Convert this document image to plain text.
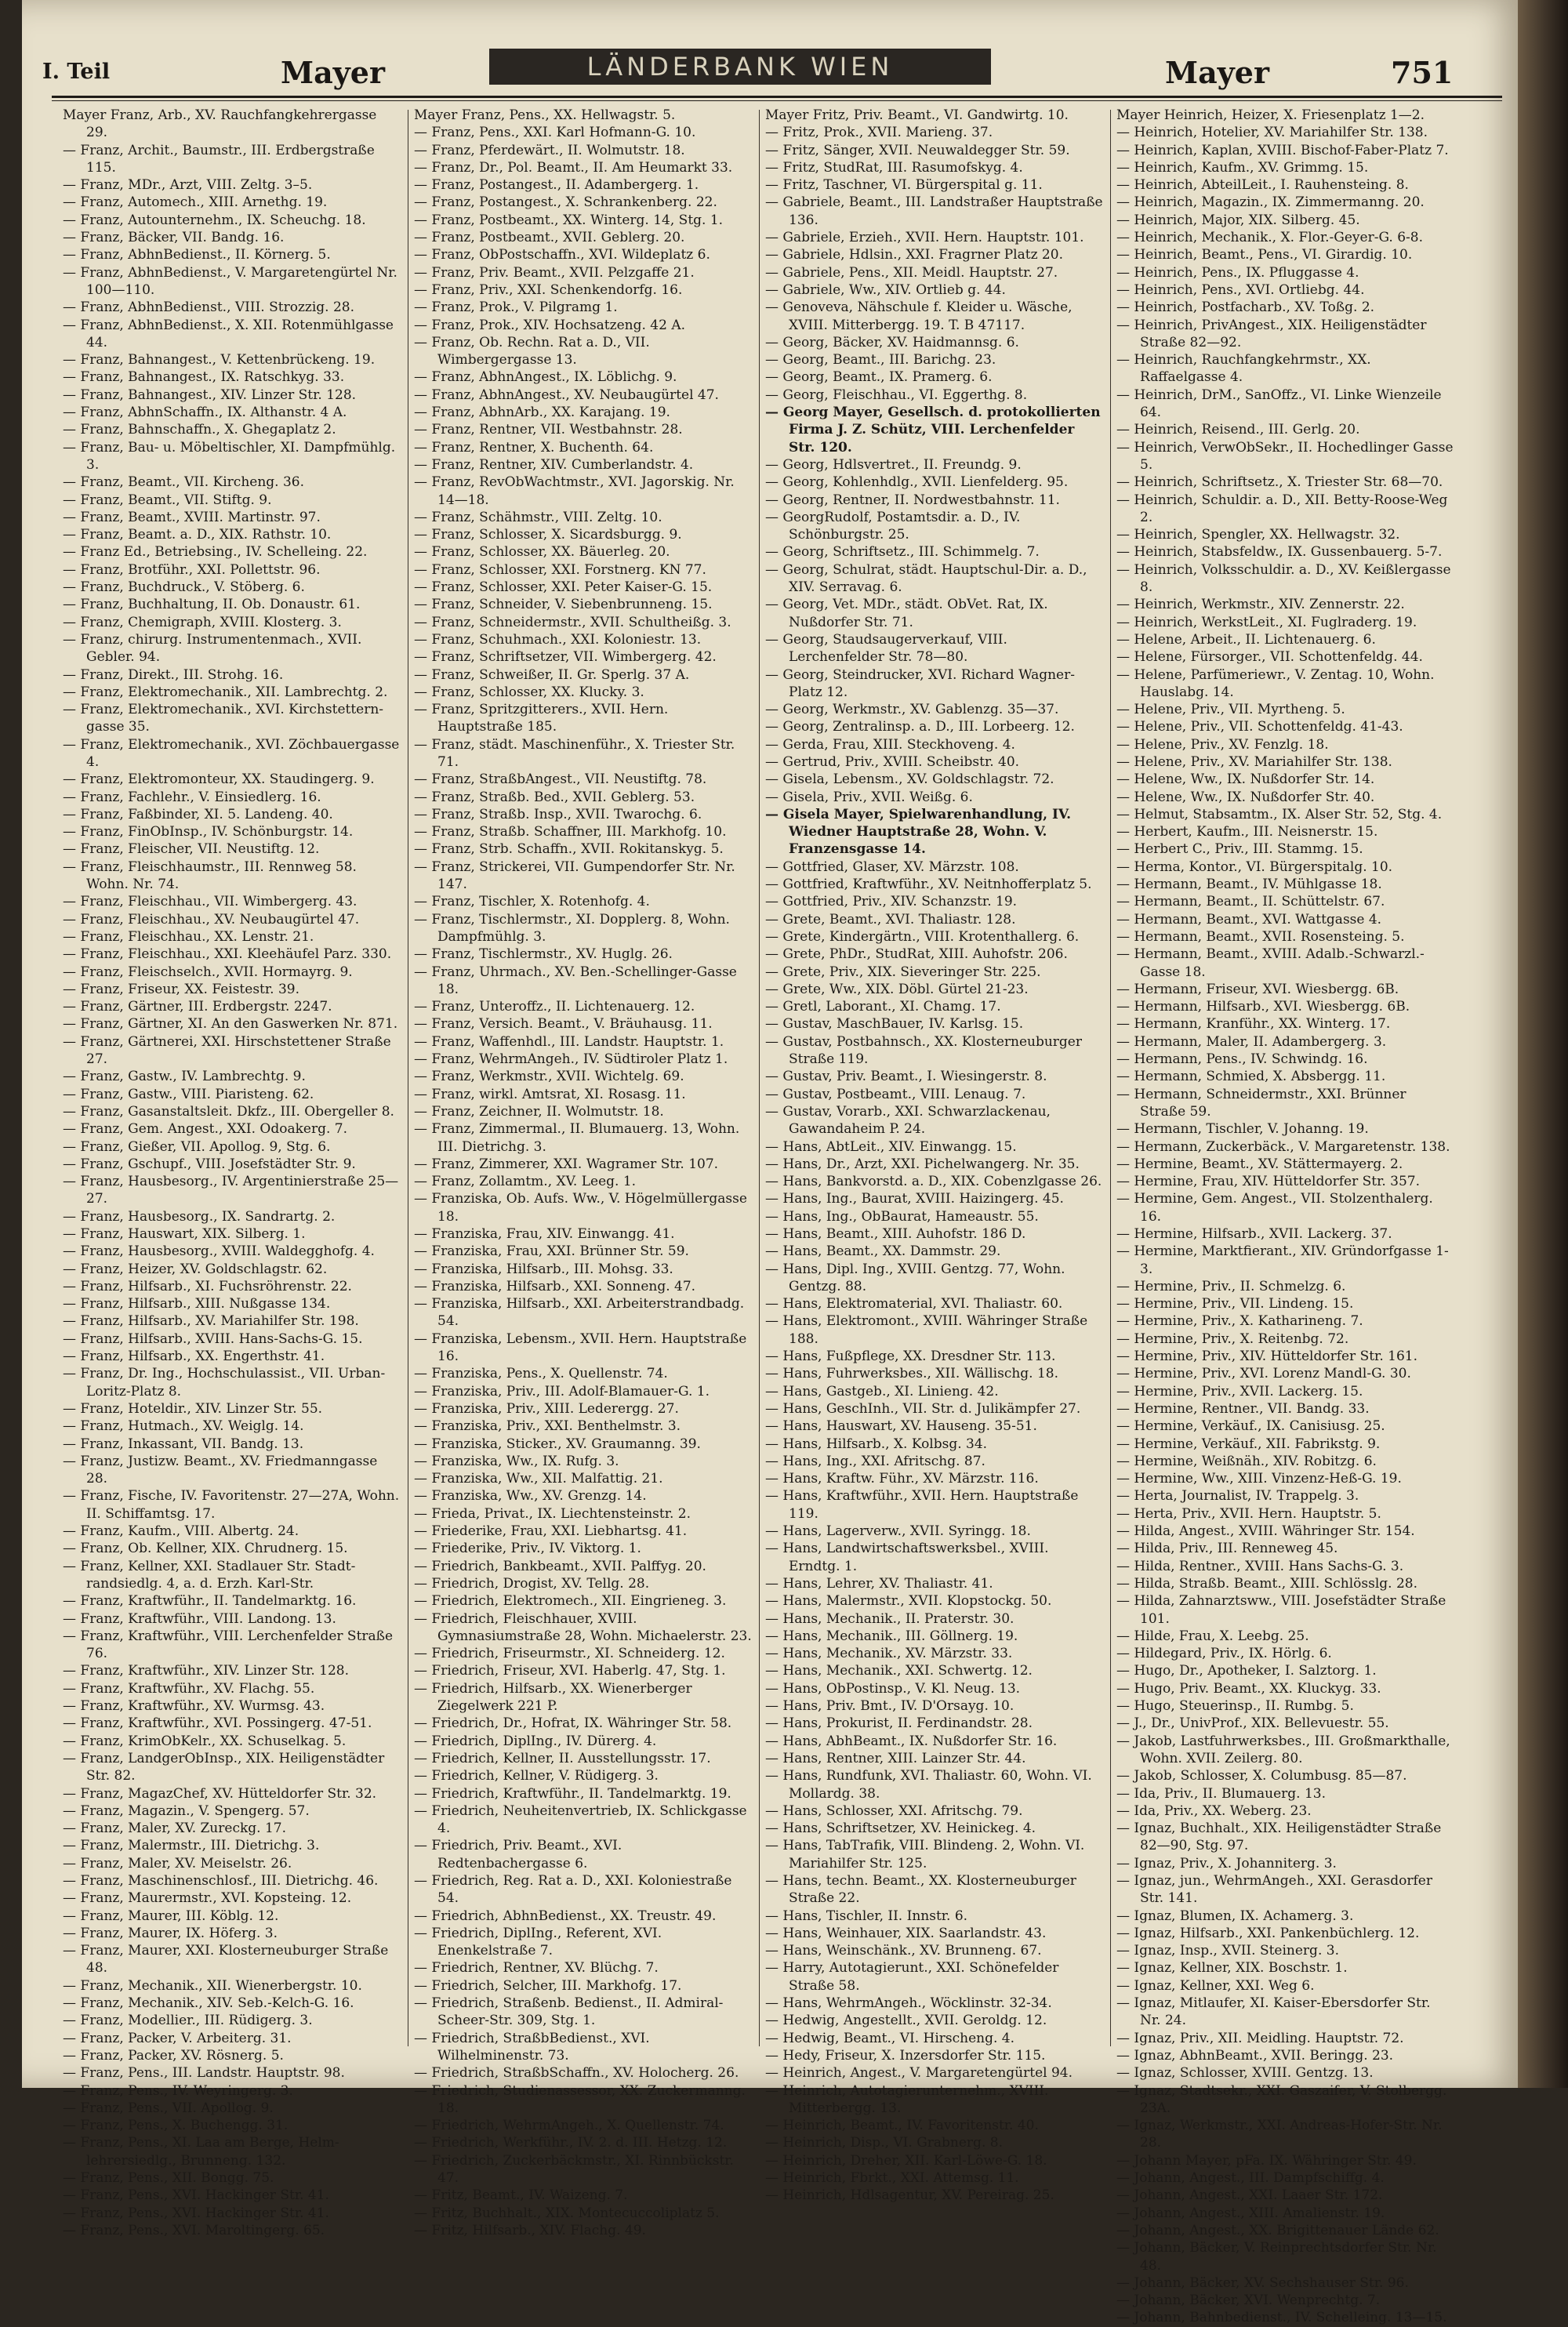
I. Teil	Mayer	LÄNDERBANK WIEN	Mayer	751

Mayer Franz, Arb., XV. Rauchfangkehrergasse 29.

— Franz, Archit., Baumstr., III. Erdbergstraße 115.

— Franz, MDr., Arzt, VIII. Zeltg. 3–5.

— Franz, Automech., XIII. Arnethg. 19.

— Franz, Autounternehm., IX. Scheuchg. 18.

— Franz, Bäcker, VII. Bandg. 16.

— Franz, AbhnBedienst., II. Körnerg. 5.

— Franz, AbhnBedienst., V. Margaretengürtel Nr. 100—110.

— Franz, AbhnBedienst., VIII. Strozzig. 28.

— Franz, AbhnBedienst., X. XII. Rotenmühlgasse 44.

— Franz, Bahnangest., V. Kettenbrückeng. 19.

— Franz, Bahnangest., IX. Ratschkyg. 33.

— Franz, Bahnangest., XIV. Linzer Str. 128.

— Franz, AbhnSchaffn., IX. Althanstr. 4 A.

— Franz, Bahnschaffn., X. Ghegaplatz 2.

— Franz, Bau- u. Möbeltischler, XI. Dampfmühlg. 3.

— Franz, Beamt., VII. Kircheng. 36.

— Franz, Beamt., VII. Stiftg. 9.

— Franz, Beamt., XVIII. Martinstr. 97.

— Franz, Beamt. a. D., XIX. Rathstr. 10.

— Franz Ed., Betriebsing., IV. Schelleing. 22.

— Franz, Brotführ., XXI. Pollettstr. 96.

— Franz, Buchdruck., V. Stöberg. 6.

— Franz, Buchhaltung, II. Ob. Donaustr. 61.

— Franz, Chemigraph, XVIII. Klosterg. 3.

— Franz, chirurg. Instrumentenmach., XVII. Gebler. 94.

— Franz, Direkt., III. Strohg. 16.

— Franz, Elektromechanik., XII. Lambrechtg. 2.

— Franz, Elektromechanik., XVI. Kirchstettern-gasse 35.

— Franz, Elektromechanik., XVI. Zöchbauergasse 4.

— Franz, Elektromonteur, XX. Staudingerg. 9.

— Franz, Fachlehr., V. Einsiedlerg. 16.

— Franz, Faßbinder, XI. 5. Landeng. 40.

— Franz, FinObInsp., IV. Schönburgstr. 14.

— Franz, Fleischer, VII. Neustiftg. 12.

— Franz, Fleischhaumstr., III. Rennweg 58. Wohn. Nr. 74.

— Franz, Fleischhau., VII. Wimbergerg. 43.

— Franz, Fleischhau., XV. Neubaugürtel 47.

— Franz, Fleischhau., XX. Lenstr. 21.

— Franz, Fleischhau., XXI. Kleehäufel Parz. 330.

— Franz, Fleischselch., XVII. Hormayrg. 9.

— Franz, Friseur, XX. Feistestr. 39.

— Franz, Gärtner, III. Erdbergstr. 2247.

— Franz, Gärtner, XI. An den Gaswerken Nr. 871.

— Franz, Gärtnerei, XXI. Hirschstettener Straße 27.

— Franz, Gastw., IV. Lambrechtg. 9.

— Franz, Gastw., VIII. Piaristeng. 62.

— Franz, Gasanstaltsleit. Dkfz., III. Obergeller 8.

— Franz, Gem. Angest., XXI. Odoakerg. 7.

— Franz, Gießer, VII. Apollog. 9, Stg. 6.

— Franz, Gschupf., VIII. Josefstädter Str. 9.

— Franz, Hausbesorg., IV. Argentinierstraße 25—27.

— Franz, Hausbesorg., IX. Sandrartg. 2.

— Franz, Hauswart, XIX. Silberg. 1.

— Franz, Hausbesorg., XVIII. Waldegghofg. 4.

— Franz, Heizer, XV. Goldschlagstr. 62.

— Franz, Hilfsarb., XI. Fuchsröhrenstr. 22.

— Franz, Hilfsarb., XIII. Nußgasse 134.

— Franz, Hilfsarb., XV. Mariahilfer Str. 198.

— Franz, Hilfsarb., XVIII. Hans-Sachs-G. 15.

— Franz, Hilfsarb., XX. Engerthstr. 41.

— Franz, Dr. Ing., Hochschulassist., VII. Urban-Loritz-Platz 8.

— Franz, Hoteldir., XIV. Linzer Str. 55.

— Franz, Hutmach., XV. Weiglg. 14.

— Franz, Inkassant, VII. Bandg. 13.

— Franz, Justizw. Beamt., XV. Friedmanngasse 28.

— Franz, Fische, IV. Favoritenstr. 27—27A, Wohn. II. Schiffamtsg. 17.

— Franz, Kaufm., VIII. Albertg. 24.

— Franz, Ob. Kellner, XIX. Chrudnerg. 15.

— Franz, Kellner, XXI. Stadlauer Str. Stadt-randsiedlg. 4, a. d. Erzh. Karl-Str.

— Franz, Kraftwführ., II. Tandelmarktg. 16.

— Franz, Kraftwführ., VIII. Landong. 13.

— Franz, Kraftwführ., VIII. Lerchenfelder Straße 76.

— Franz, Kraftwführ., XIV. Linzer Str. 128.

— Franz, Kraftwführ., XV. Flachg. 55.

— Franz, Kraftwführ., XV. Wurmsg. 43.

— Franz, Kraftwführ., XVI. Possingerg. 47-51.

— Franz, KrimObKelr., XX. Schuselkag. 5.

— Franz, LandgerObInsp., XIX. Heiligenstädter Str. 82.

— Franz, MagazChef, XV. Hütteldorfer Str. 32.

— Franz, Magazin., V. Spengerg. 57.

— Franz, Maler, XV. Zureckg. 17.

— Franz, Malermstr., III. Dietrichg. 3.

— Franz, Maler, XV. Meiselstr. 26.

— Franz, Maschinenschlosf., III. Dietrichg. 46.

— Franz, Maurermstr., XVI. Kopsteing. 12.

— Franz, Maurer, III. Köblg. 12.

— Franz, Maurer, IX. Höferg. 3.

— Franz, Maurer, XXI. Klosterneuburger Straße 48.

— Franz, Mechanik., XII. Wienerbergstr. 10.

— Franz, Mechanik., XIV. Seb.-Kelch-G. 16.

— Franz, Modellier., III. Rüdigerg. 3.

— Franz, Packer, V. Arbeiterg. 31.

— Franz, Packer, XV. Rösnerg. 5.

— Franz, Pens., III. Landstr. Hauptstr. 98.

— Franz, Pens., IV. Weyringerg. 3.

— Franz, Pens., VII. Apollog. 9.

— Franz, Pens., X. Buchengg. 31.

— Franz, Pens., XI. Laa am Berge, Helm-lehrersiedlg., Brunneng. 132.

— Franz, Pens., XII. Bongg. 75.

— Franz, Pens., XVI. Hackinger Str. 41.

— Franz, Pens., XVI. Hackinger Str. 41.

— Franz, Pens., XVI. Maroltingerg. 65.

Mayer Franz, Pens., XX. Hellwagstr. 5.

— Franz, Pens., XXI. Karl Hofmann-G. 10.

— Franz, Pferdewärt., II. Wolmutstr. 18.

— Franz, Dr., Pol. Beamt., II. Am Heumarkt 33.

— Franz, Postangest., II. Adambergerg. 1.

— Franz, Postangest., X. Schrankenberg. 22.

— Franz, Postbeamt., XX. Winterg. 14, Stg. 1.

— Franz, Postbeamt., XVII. Geblerg. 20.

— Franz, ObPostschaffn., XVI. Wildeplatz 6.

— Franz, Priv. Beamt., XVII. Pelzgaffe 21.

— Franz, Priv., XXI. Schenkendorfg. 16.

— Franz, Prok., V. Pilgramg 1.

— Franz, Prok., XIV. Hochsatzeng. 42 A.

— Franz, Ob. Rechn. Rat a. D., VII. Wimbergergasse 13.

— Franz, AbhnAngest., IX. Löblichg. 9.

— Franz, AbhnAngest., XV. Neubaugürtel 47.

— Franz, AbhnArb., XX. Karajang. 19.

— Franz, Rentner, VII. Westbahnstr. 28.

— Franz, Rentner, X. Buchenth. 64.

— Franz, Rentner, XIV. Cumberlandstr. 4.

— Franz, RevObWachtmstr., XVI. Jagorskig. Nr. 14—18.

— Franz, Schähmstr., VIII. Zeltg. 10.

— Franz, Schlosser, X. Sicardsburgg. 9.

— Franz, Schlosser, XX. Bäuerleg. 20.

— Franz, Schlosser, XXI. Forstnerg. KN 77.

— Franz, Schlosser, XXI. Peter Kaiser-G. 15.

— Franz, Schneider, V. Siebenbrunneng. 15.

— Franz, Schneidermstr., XVII. Schultheißg. 3.

— Franz, Schuhmach., XXI. Koloniestr. 13.

— Franz, Schriftsetzer, VII. Wimbergerg. 42.

— Franz, Schweißer, II. Gr. Sperlg. 37 A.

— Franz, Schlosser, XX. Klucky. 3.

— Franz, Spritzgitterers., XVII. Hern. Hauptstraße 185.

— Franz, städt. Maschinenführ., X. Triester Str. 71.

— Franz, StraßbAngest., VII. Neustiftg. 78.

— Franz, Straßb. Bed., XVII. Geblerg. 53.

— Franz, Straßb. Insp., XVII. Twarochg. 6.

— Franz, Straßb. Schaffner, III. Markhofg. 10.

— Franz, Strb. Schaffn., XVII. Rokitanskyg. 5.

— Franz, Strickerei, VII. Gumpendorfer Str. Nr. 147.

— Franz, Tischler, X. Rotenhofg. 4.

— Franz, Tischlermstr., XI. Dopplerg. 8, Wohn. Dampfmühlg. 3.

— Franz, Tischlermstr., XV. Huglg. 26.

— Franz, Uhrmach., XV. Ben.-Schellinger-Gasse 18.

— Franz, Unteroffz., II. Lichtenauerg. 12.

— Franz, Versich. Beamt., V. Bräuhausg. 11.

— Franz, Waffenhdl., III. Landstr. Hauptstr. 1.

— Franz, WehrmAngeh., IV. Südtiroler Platz 1.

— Franz, Werkmstr., XVII. Wichtelg. 69.

— Franz, wirkl. Amtsrat, XI. Rosasg. 11.

— Franz, Zeichner, II. Wolmutstr. 18.

— Franz, Zimmermal., II. Blumauerg. 13, Wohn. III. Dietrichg. 3.

— Franz, Zimmerer, XXI. Wagramer Str. 107.

— Franz, Zollamtm., XV. Leeg. 1.

— Franziska, Ob. Aufs. Ww., V. Högelmüllergasse 18.

— Franziska, Frau, XIV. Einwangg. 41.

— Franziska, Frau, XXI. Brünner Str. 59.

— Franziska, Hilfsarb., III. Mohsg. 33.

— Franziska, Hilfsarb., XXI. Sonneng. 47.

— Franziska, Hilfsarb., XXI. Arbeiterstrandbadg. 54.

— Franziska, Lebensm., XVII. Hern. Hauptstraße 16.

— Franziska, Pens., X. Quellenstr. 74.

— Franziska, Priv., III. Adolf-Blamauer-G. 1.

— Franziska, Priv., XIII. Lederergg. 27.

— Franziska, Priv., XXI. Benthelmstr. 3.

— Franziska, Sticker., XV. Graumanng. 39.

— Franziska, Ww., IX. Rufg. 3.

— Franziska, Ww., XII. Malfattig. 21.

— Franziska, Ww., XV. Grenzg. 14.

— Frieda, Privat., IX. Liechtensteinstr. 2.

— Friederike, Frau, XXI. Liebhartsg. 41.

— Friederike, Priv., IV. Viktorg. 1.

— Friedrich, Bankbeamt., XVII. Palffyg. 20.

— Friedrich, Drogist, XV. Tellg. 28.

— Friedrich, Elektromech., XII. Eingrieneg. 3.

— Friedrich, Fleischhauer, XVIII. Gymnasiumstraße 28, Wohn. Michaelerstr. 23.

— Friedrich, Friseurmstr., XI. Schneiderg. 12.

— Friedrich, Friseur, XVI. Haberlg. 47, Stg. 1.

— Friedrich, Hilfsarb., XX. Wienerberger Ziegelwerk 221 P.

— Friedrich, Dr., Hofrat, IX. Währinger Str. 58.

— Friedrich, DiplIng., IV. Dürerg. 4.

— Friedrich, Kellner, II. Ausstellungsstr. 17.

— Friedrich, Kellner, V. Rüdigerg. 3.

— Friedrich, Kraftwführ., II. Tandelmarktg. 19.

— Friedrich, Neuheitenvertrieb, IX. Schlickgasse 4.

— Friedrich, Priv. Beamt., XVI. Redtenbachergasse 6.

— Friedrich, Reg. Rat a. D., XXI. Koloniestraße 54.

— Friedrich, AbhnBedienst., XX. Treustr. 49.

— Friedrich, DiplIng., Referent, XVI. Enenkelstraße 7.

— Friedrich, Rentner, XV. Blüchg. 7.

— Friedrich, Selcher, III. Markhofg. 17.

— Friedrich, Straßenb. Bedienst., II. Admiral-Scheer-Str. 309, Stg. 1.

— Friedrich, StraßbBedienst., XVI. Wilhelminenstr. 73.

— Friedrich, StraßbSchaffn., XV. Holocherg. 26.

— Friedrich, Studienassessor, XX. Zuckermanng. 18.

— Friedrich, WehrmAngeh., X. Quellenstr. 74.

— Friedrich, Werkführ., IV. 2. d. III. Hetzg. 12.

— Friedrich, Zuckerbäckmstr., XI. Rinnbückstr. 47.

— Fritz, Beamt., IV. Waizeng. 7.

— Fritz, Buchhalt., XIX. Montecuccoliplatz 5.

— Fritz, Hilfsarb., XIV. Flachg. 49.

Mayer Fritz, Priv. Beamt., VI. Gandwirtg. 10.

— Fritz, Prok., XVII. Marieng. 37.

— Fritz, Sänger, XVII. Neuwaldegger Str. 59.

— Fritz, StudRat, III. Rasumofskyg. 4.

— Fritz, Taschner, VI. Bürgerspital g. 11.

— Gabriele, Beamt., III. Landstraßer Hauptstraße 136.

— Gabriele, Erzieh., XVII. Hern. Hauptstr. 101.

— Gabriele, Hdlsin., XXI. Fragrner Platz 20.

— Gabriele, Pens., XII. Meidl. Hauptstr. 27.

— Gabriele, Ww., XIV. Ortlieb g. 44.

— Genoveva, Nähschule f. Kleider u. Wäsche, XVIII. Mitterbergg. 19. T. B 47117.

— Georg, Bäcker, XV. Haidmannsg. 6.

— Georg, Beamt., III. Barichg. 23.

— Georg, Beamt., IX. Pramerg. 6.

— Georg, Fleischhau., VI. Eggerthg. 8.

— Georg Mayer, Gesellsch. d. protokollierten Firma J. Z. Schütz, VIII. Lerchenfelder Str. 120.

— Georg, Hdlsvertret., II. Freundg. 9.

— Georg, Kohlenhdlg., XVII. Lienfelderg. 95.

— Georg, Rentner, II. Nordwestbahnstr. 11.

— GeorgRudolf, Postamtsdir. a. D., IV. Schönburgstr. 25.

— Georg, Schriftsetz., III. Schimmelg. 7.

— Georg, Schulrat, städt. Hauptschul-Dir. a. D., XIV. Serravag. 6.

— Georg, Vet. MDr., städt. ObVet. Rat, IX. Nußdorfer Str. 71.

— Georg, Staudsaugerverkauf, VIII. Lerchenfelder Str. 78—80.

— Georg, Steindrucker, XVI. Richard Wagner-Platz 12.

— Georg, Werkmstr., XV. Gablenzg. 35—37.

— Georg, Zentralinsp. a. D., III. Lorbeerg. 12.

— Gerda, Frau, XIII. Steckhoveng. 4.

— Gertrud, Priv., XVIII. Scheibstr. 40.

— Gisela, Lebensm., XV. Goldschlagstr. 72.

— Gisela, Priv., XVII. Weißg. 6.

— Gisela Mayer, Spielwarenhandlung, IV. Wiedner Hauptstraße 28, Wohn. V. Franzensgasse 14.

— Gottfried, Glaser, XV. Märzstr. 108.

— Gottfried, Kraftwführ., XV. Neitnhofferplatz 5.

— Gottfried, Priv., XIV. Schanzstr. 19.

— Grete, Beamt., XVI. Thaliastr. 128.

— Grete, Kindergärtn., VIII. Krotenthallerg. 6.

— Grete, PhDr., StudRat, XIII. Auhofstr. 206.

— Grete, Priv., XIX. Sieveringer Str. 225.

— Grete, Ww., XIX. Döbl. Gürtel 21-23.

— Gretl, Laborant., XI. Chamg. 17.

— Gustav, MaschBauer, IV. Karlsg. 15.

— Gustav, Postbahnsch., XX. Klosterneuburger Straße 119.

— Gustav, Priv. Beamt., I. Wiesingerstr. 8.

— Gustav, Postbeamt., VIII. Lenaug. 7.

— Gustav, Vorarb., XXI. Schwarzlackenau, Gawandaheim P. 24.

— Hans, AbtLeit., XIV. Einwangg. 15.

— Hans, Dr., Arzt, XXI. Pichelwangerg. Nr. 35.

— Hans, Bankvorstd. a. D., XIX. Cobenzlgasse 26.

— Hans, Ing., Baurat, XVIII. Haizingerg. 45.

— Hans, Ing., ObBaurat, Hameaustr. 55.

— Hans, Beamt., XIII. Auhofstr. 186 D.

— Hans, Beamt., XX. Dammstr. 29.

— Hans, Dipl. Ing., XVIII. Gentzg. 77, Wohn. Gentzg. 88.

— Hans, Elektromaterial, XVI. Thaliastr. 60.

— Hans, Elektromont., XVIII. Währinger Straße 188.

— Hans, Fußpflege, XX. Dresdner Str. 113.

— Hans, Fuhrwerksbes., XII. Wällischg. 18.

— Hans, Gastgeb., XI. Linieng. 42.

— Hans, GeschInh., VII. Str. d. Julikämpfer 27.

— Hans, Hauswart, XV. Hauseng. 35-51.

— Hans, Hilfsarb., X. Kolbsg. 34.

— Hans, Ing., XXI. Afritschg. 87.

— Hans, Kraftw. Führ., XV. Märzstr. 116.

— Hans, Kraftwführ., XVII. Hern. Hauptstraße 119.

— Hans, Lagerverw., XVII. Syringg. 18.

— Hans, Landwirtschaftswerksbel., XVIII. Erndtg. 1.

— Hans, Lehrer, XV. Thaliastr. 41.

— Hans, Malermstr., XVII. Klopstockg. 50.

— Hans, Mechanik., II. Praterstr. 30.

— Hans, Mechanik., III. Göllnerg. 19.

— Hans, Mechanik., XV. Märzstr. 33.

— Hans, Mechanik., XXI. Schwertg. 12.

— Hans, ObPostinsp., V. Kl. Neug. 13.

— Hans, Priv. Bmt., IV. D'Orsayg. 10.

— Hans, Prokurist, II. Ferdinandstr. 28.

— Hans, AbhBeamt., IX. Nußdorfer Str. 16.

— Hans, Rentner, XIII. Lainzer Str. 44.

— Hans, Rundfunk, XVI. Thaliastr. 60, Wohn. VI. Mollardg. 38.

— Hans, Schlosser, XXI. Afritschg. 79.

— Hans, Schriftsetzer, XV. Heinickeg. 4.

— Hans, TabTrafik, VIII. Blindeng. 2, Wohn. VI. Mariahilfer Str. 125.

— Hans, techn. Beamt., XX. Klosterneuburger Straße 22.

— Hans, Tischler, II. Innstr. 6.

— Hans, Weinhauer, XIX. Saarlandstr. 43.

— Hans, Weinschänk., XV. Brunneng. 67.

— Harry, Autotagierunt., XXI. Schönefelder Straße 58.

— Hans, WehrmAngeh., Wöcklinstr. 32-34.

— Hedwig, Angestellt., XVII. Geroldg. 12.

— Hedwig, Beamt., VI. Hirscheng. 4.

— Hedy, Friseur, X. Inzersdorfer Str. 115.

— Heinrich, Angest., V. Margaretengürtel 94.

— Heinrich, Autotagierunternehm., XVIII. Mitterbergg. 13.

— Heinrich, Beamt., IV. Favoritenstr. 40.

— Heinrich, Disp., VI. Grabnerg. 8.

— Heinrich, Dreher, XII. Karl-Löwe-G. 18.

— Heinrich, Fbrkt., XXI. Attemsg. 11.

— Heinrich, Hdlsagentur, XV. Pereirag. 25.

Mayer Heinrich, Heizer, X. Friesenplatz 1—2.

— Heinrich, Hotelier, XV. Mariahilfer Str. 138.

— Heinrich, Kaplan, XVIII. Bischof-Faber-Platz 7.

— Heinrich, Kaufm., XV. Grimmg. 15.

— Heinrich, AbteilLeit., I. Rauhensteing. 8.

— Heinrich, Magazin., IX. Zimmermanng. 20.

— Heinrich, Major, XIX. Silberg. 45.

— Heinrich, Mechanik., X. Flor.-Geyer-G. 6-8.

— Heinrich, Beamt., Pens., VI. Girardig. 10.

— Heinrich, Pens., IX. Pfluggasse 4.

— Heinrich, Pens., XVI. Ortliebg. 44.

— Heinrich, Postfacharb., XV. Toßg. 2.

— Heinrich, PrivAngest., XIX. Heiligenstädter Straße 82—92.

— Heinrich, Rauchfangkehrmstr., XX. Raffaelgasse 4.

— Heinrich, DrM., SanOffz., VI. Linke Wienzeile 64.

— Heinrich, Reisend., III. Gerlg. 20.

— Heinrich, VerwObSekr., II. Hochedlinger Gasse 5.

— Heinrich, Schriftsetz., X. Triester Str. 68—70.

— Heinrich, Schuldir. a. D., XII. Betty-Roose-Weg 2.

— Heinrich, Spengler, XX. Hellwagstr. 32.

— Heinrich, Stabsfeldw., IX. Gussenbauerg. 5-7.

— Heinrich, Volksschuldir. a. D., XV. Keißlergasse 8.

— Heinrich, Werkmstr., XIV. Zennerstr. 22.

— Heinrich, WerkstLeit., XI. Fuglraderg. 19.

— Helene, Arbeit., II. Lichtenauerg. 6.

— Helene, Fürsorger., VII. Schottenfeldg. 44.

— Helene, Parfümeriewr., V. Zentag. 10, Wohn. Hauslabg. 14.

— Helene, Priv., VII. Myrtheng. 5.

— Helene, Priv., VII. Schottenfeldg. 41-43.

— Helene, Priv., XV. Fenzlg. 18.

— Helene, Priv., XV. Mariahilfer Str. 138.

— Helene, Ww., IX. Nußdorfer Str. 14.

— Helene, Ww., IX. Nußdorfer Str. 40.

— Helmut, Stabsamtm., IX. Alser Str. 52, Stg. 4.

— Herbert, Kaufm., III. Neisnerstr. 15.

— Herbert C., Priv., III. Stammg. 15.

— Herma, Kontor., VI. Bürgerspitalg. 10.

— Hermann, Beamt., IV. Mühlgasse 18.

— Hermann, Beamt., II. Schüttelstr. 67.

— Hermann, Beamt., XVI. Wattgasse 4.

— Hermann, Beamt., XVII. Rosensteing. 5.

— Hermann, Beamt., XVIII. Adalb.-Schwarzl.-Gasse 18.

— Hermann, Friseur, XVI. Wiesbergg. 6B.

— Hermann, Hilfsarb., XVI. Wiesbergg. 6B.

— Hermann, Kranführ., XX. Winterg. 17.

— Hermann, Maler, II. Adambergerg. 3.

— Hermann, Pens., IV. Schwindg. 16.

— Hermann, Schmied, X. Absbergg. 11.

— Hermann, Schneidermstr., XXI. Brünner Straße 59.

— Hermann, Tischler, V. Johanng. 19.

— Hermann, Zuckerbäck., V. Margaretenstr. 138.

— Hermine, Beamt., XV. Stättermayerg. 2.

— Hermine, Frau, XIV. Hütteldorfer Str. 357.

— Hermine, Gem. Angest., VII. Stolzenthalerg. 16.

— Hermine, Hilfsarb., XVII. Lackerg. 37.

— Hermine, Marktfierant., XIV. Gründorfgasse 1-3.

— Hermine, Priv., II. Schmelzg. 6.

— Hermine, Priv., VII. Lindeng. 15.

— Hermine, Priv., X. Katharineng. 7.

— Hermine, Priv., X. Reitenbg. 72.

— Hermine, Priv., XIV. Hütteldorfer Str. 161.

— Hermine, Priv., XVI. Lorenz Mandl-G. 30.

— Hermine, Priv., XVII. Lackerg. 15.

— Hermine, Rentner., VII. Bandg. 33.

— Hermine, Verkäuf., IX. Canisiusg. 25.

— Hermine, Verkäuf., XII. Fabrikstg. 9.

— Hermine, Weißnäh., XIV. Robitzg. 6.

— Hermine, Ww., XIII. Vinzenz-Heß-G. 19.

— Herta, Journalist, IV. Trappelg. 3.

— Herta, Priv., XVII. Hern. Hauptstr. 5.

— Hilda, Angest., XVIII. Währinger Str. 154.

— Hilda, Priv., III. Renneweg 45.

— Hilda, Rentner., XVIII. Hans Sachs-G. 3.

— Hilda, Straßb. Beamt., XIII. Schlösslg. 28.

— Hilda, Zahnarztsww., VIII. Josefstädter Straße 101.

— Hilde, Frau, X. Leebg. 25.

— Hildegard, Priv., IX. Hörlg. 6.

— Hugo, Dr., Apotheker, I. Salztorg. 1.

— Hugo, Priv. Beamt., XX. Kluckyg. 33.

— Hugo, Steuerinsp., II. Rumbg. 5.

— J., Dr., UnivProf., XIX. Bellevuestr. 55.

— Jakob, Lastfuhrwerksbes., III. Großmarkthalle, Wohn. XVII. Zeilerg. 80.

— Jakob, Schlosser, X. Columbusg. 85—87.

— Ida, Priv., II. Blumauerg. 13.

— Ida, Priv., XX. Weberg. 23.

— Ignaz, Buchhalt., XIX. Heiligenstädter Straße 82—90, Stg. 97.

— Ignaz, Priv., X. Johanniterg. 3.

— Ignaz, jun., WehrmAngeh., XXI. Gerasdorfer Str. 141.

— Ignaz, Blumen, IX. Achamerg. 3.

— Ignaz, Hilfsarb., XXI. Pankenbüchlerg. 12.

— Ignaz, Insp., XVII. Steinerg. 3.

— Ignaz, Kellner, XIX. Boschstr. 1.

— Ignaz, Kellner, XXI. Weg 6.

— Ignaz, Mitlaufer, XI. Kaiser-Ebersdorfer Str. Nr. 24.

— Ignaz, Priv., XII. Meidling. Hauptstr. 72.

— Ignaz, AbhnBeamt., XVII. Beringg. 23.

— Ignaz, Schlosser, XVIII. Gentzg. 13.

— Ignaz, Stadtsekr., XXI. Gaszaifer, V. Stolbergg. 23A.

— Ignaz, Werkmstr., XXI. Andreas-Hofer-Str. Nr. 28.

— Johann Mayer, pFa. IX. Währinger Str. 49.

— Johann, Angest., III. Dampfschiffg. 4.

— Johann, Angest., XXI. Laaer Str. 172.

— Johann, Angest., XIII. Amalienstr. 19.

— Johann, Angest., XX. Brigittenauer Lände 62.

— Johann, Bäcker, V. Reinprechtsdorfer Str. Nr. 48.

— Johann, Bäcker, XV. Sechshauser Str. 96.

— Johann, Bäcker, XVI. Wenprechtg. 7.

— Johann, Bahnbedienst., IV. Schelleing. 13—15.
